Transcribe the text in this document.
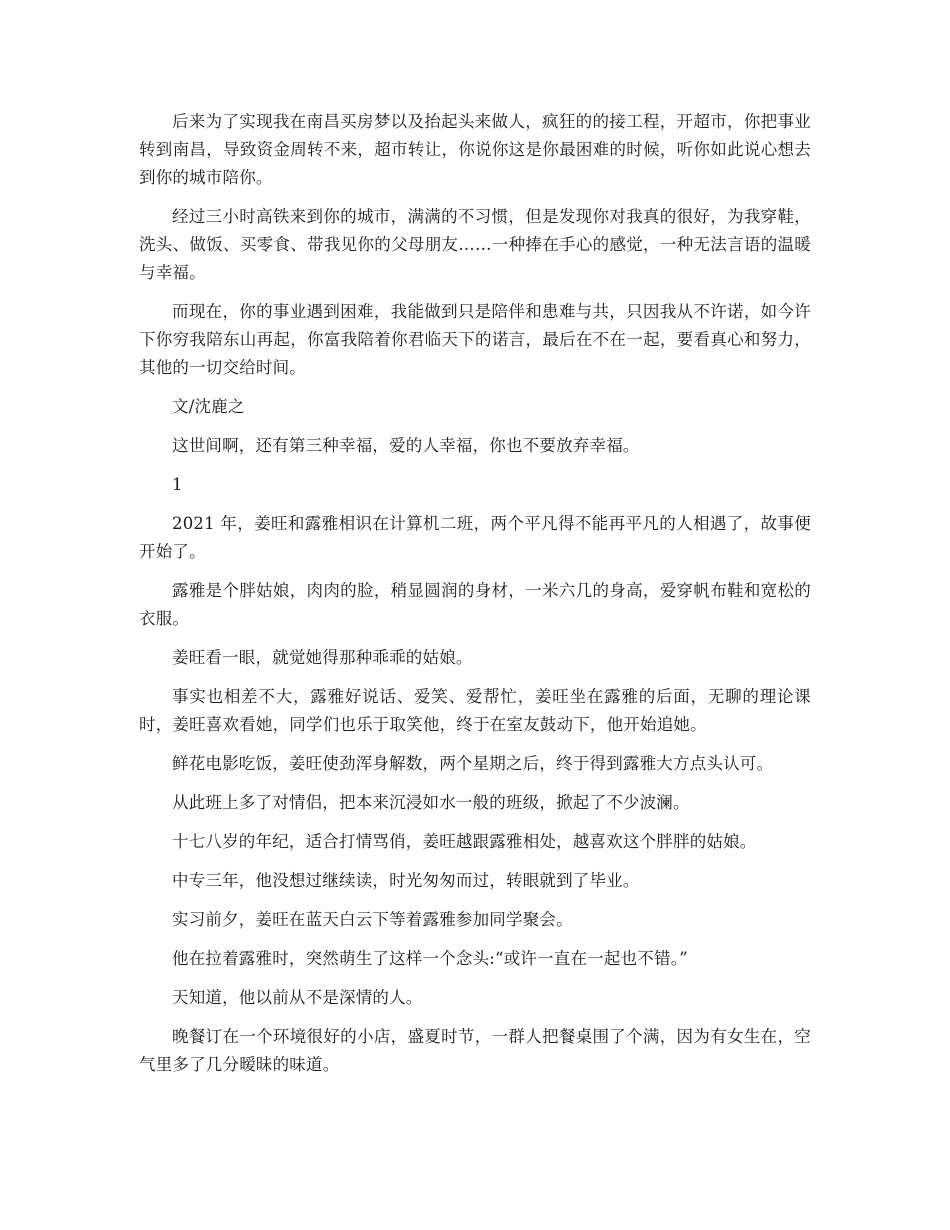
后来为了实现我在南昌买房梦以及抬起头来做人，疯狂的的接工程，开超市，你把事业转到南昌，导致资金周转不来，超市转让，你说你这是你最困难的时候，听你如此说心想去到你的城市陪你。

经过三小时高铁来到你的城市，满满的不习惯，但是发现你对我真的很好，为我穿鞋，洗头、做饭、买零食、带我见你的父母朋友……一种捧在手心的感觉，一种无法言语的温暖与幸福。

而现在，你的事业遇到困难，我能做到只是陪伴和患难与共，只因我从不许诺，如今许下你穷我陪东山再起，你富我陪着你君临天下的诺言，最后在不在一起，要看真心和努力，其他的一切交给时间。

文/沈鹿之

这世间啊，还有第三种幸福，爱的人幸福，你也不要放弃幸福。

1

2021 年，姜旺和露雅相识在计算机二班，两个平凡得不能再平凡的人相遇了，故事便开始了。

露雅是个胖姑娘，肉肉的脸，稍显圆润的身材，一米六几的身高，爱穿帆布鞋和宽松的衣服。

姜旺看一眼，就觉她得那种乖乖的姑娘。

事实也相差不大，露雅好说话、爱笑、爱帮忙，姜旺坐在露雅的后面，无聊的理论课时，姜旺喜欢看她，同学们也乐于取笑他，终于在室友鼓动下，他开始追她。

鲜花电影吃饭，姜旺使劲浑身解数，两个星期之后，终于得到露雅大方点头认可。

从此班上多了对情侣，把本来沉浸如水一般的班级，掀起了不少波澜。

十七八岁的年纪，适合打情骂俏，姜旺越跟露雅相处，越喜欢这个胖胖的姑娘。

中专三年，他没想过继续读，时光匆匆而过，转眼就到了毕业。

实习前夕，姜旺在蓝天白云下等着露雅参加同学聚会。

他在拉着露雅时，突然萌生了这样一个念头:“或许一直在一起也不错。”

天知道，他以前从不是深情的人。

晚餐订在一个环境很好的小店，盛夏时节，一群人把餐桌围了个满，因为有女生在，空气里多了几分暧昧的味道。
